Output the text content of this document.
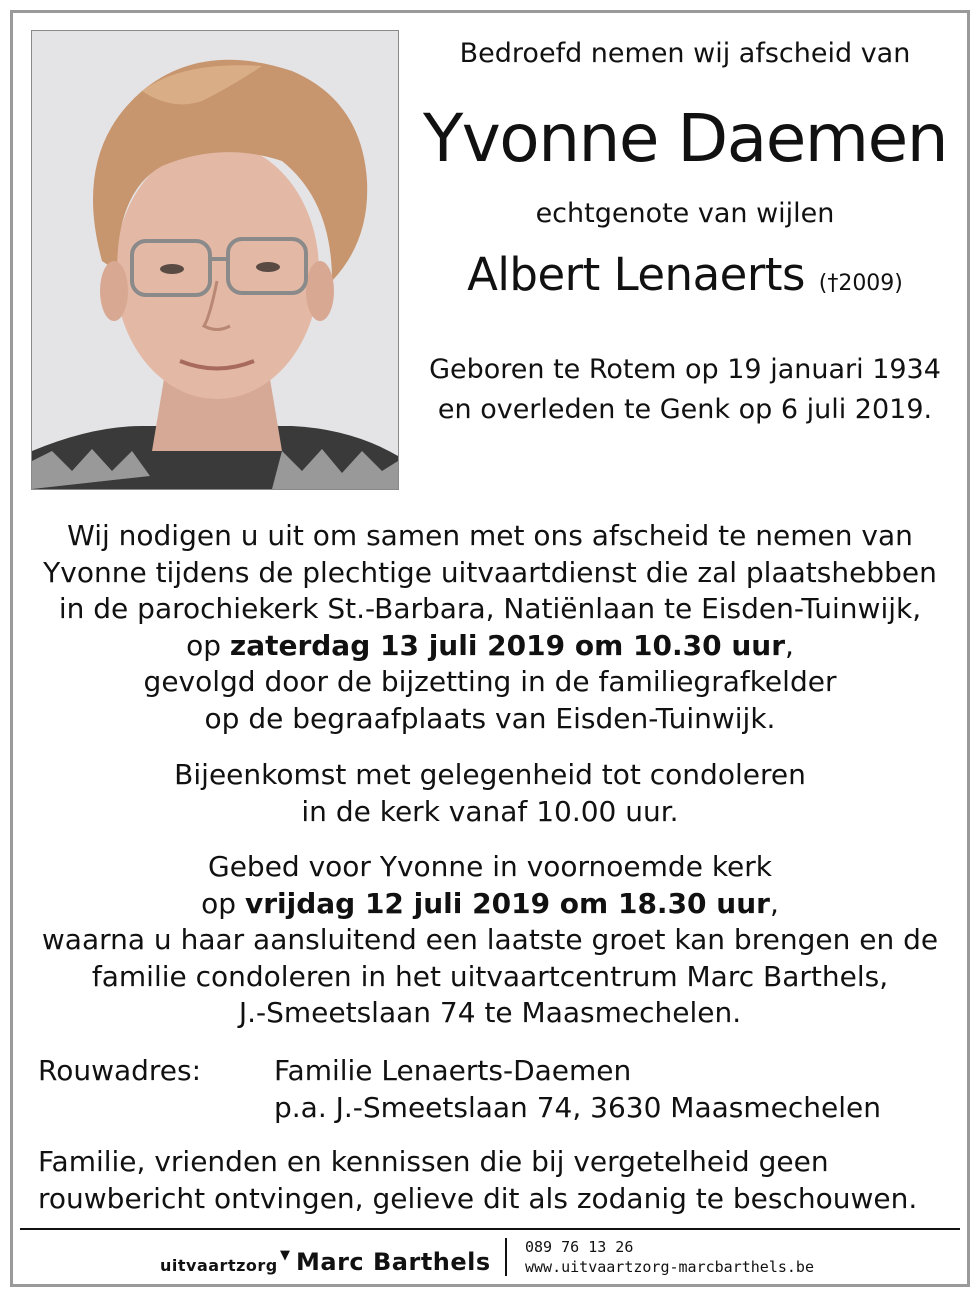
Bedroefd nemen wij afscheid van
Yvonne Daemen
echtgenote van wijlen
Albert Lenaerts (†2009)
Geboren te Rotem op 19 januari 1934
en overleden te Genk op 6 juli 2019.
Wij nodigen u uit om samen met ons afscheid te nemen van
Yvonne tijdens de plechtige uitvaartdienst die zal plaatshebben
in de parochiekerk St.-Barbara, Natiënlaan te Eisden-Tuinwijk,
op zaterdag 13 juli 2019 om 10.30 uur,
gevolgd door de bijzetting in de familiegrafkelder
op de begraafplaats van Eisden-Tuinwijk.
Bijeenkomst met gelegenheid tot condoleren
in de kerk vanaf 10.00 uur.
Gebed voor Yvonne in voornoemde kerk
op vrijdag 12 juli 2019 om 18.30 uur,
waarna u haar aansluitend een laatste groet kan brengen en de
familie condoleren in het uitvaartcentrum Marc Barthels,
J.-Smeetslaan 74 te Maasmechelen.
Rouwadres:	Familie Lenaerts-Daemen
p.a. J.-Smeetslaan 74, 3630 Maasmechelen
Familie, vrienden en kennissen die bij vergetelheid geen
rouwbericht ontvingen, gelieve dit als zodanig te beschouwen.
uitvaartzorg
▼ Marc Barthels
089 76 13 26
www.uitvaartzorg-marcbarthels.be
